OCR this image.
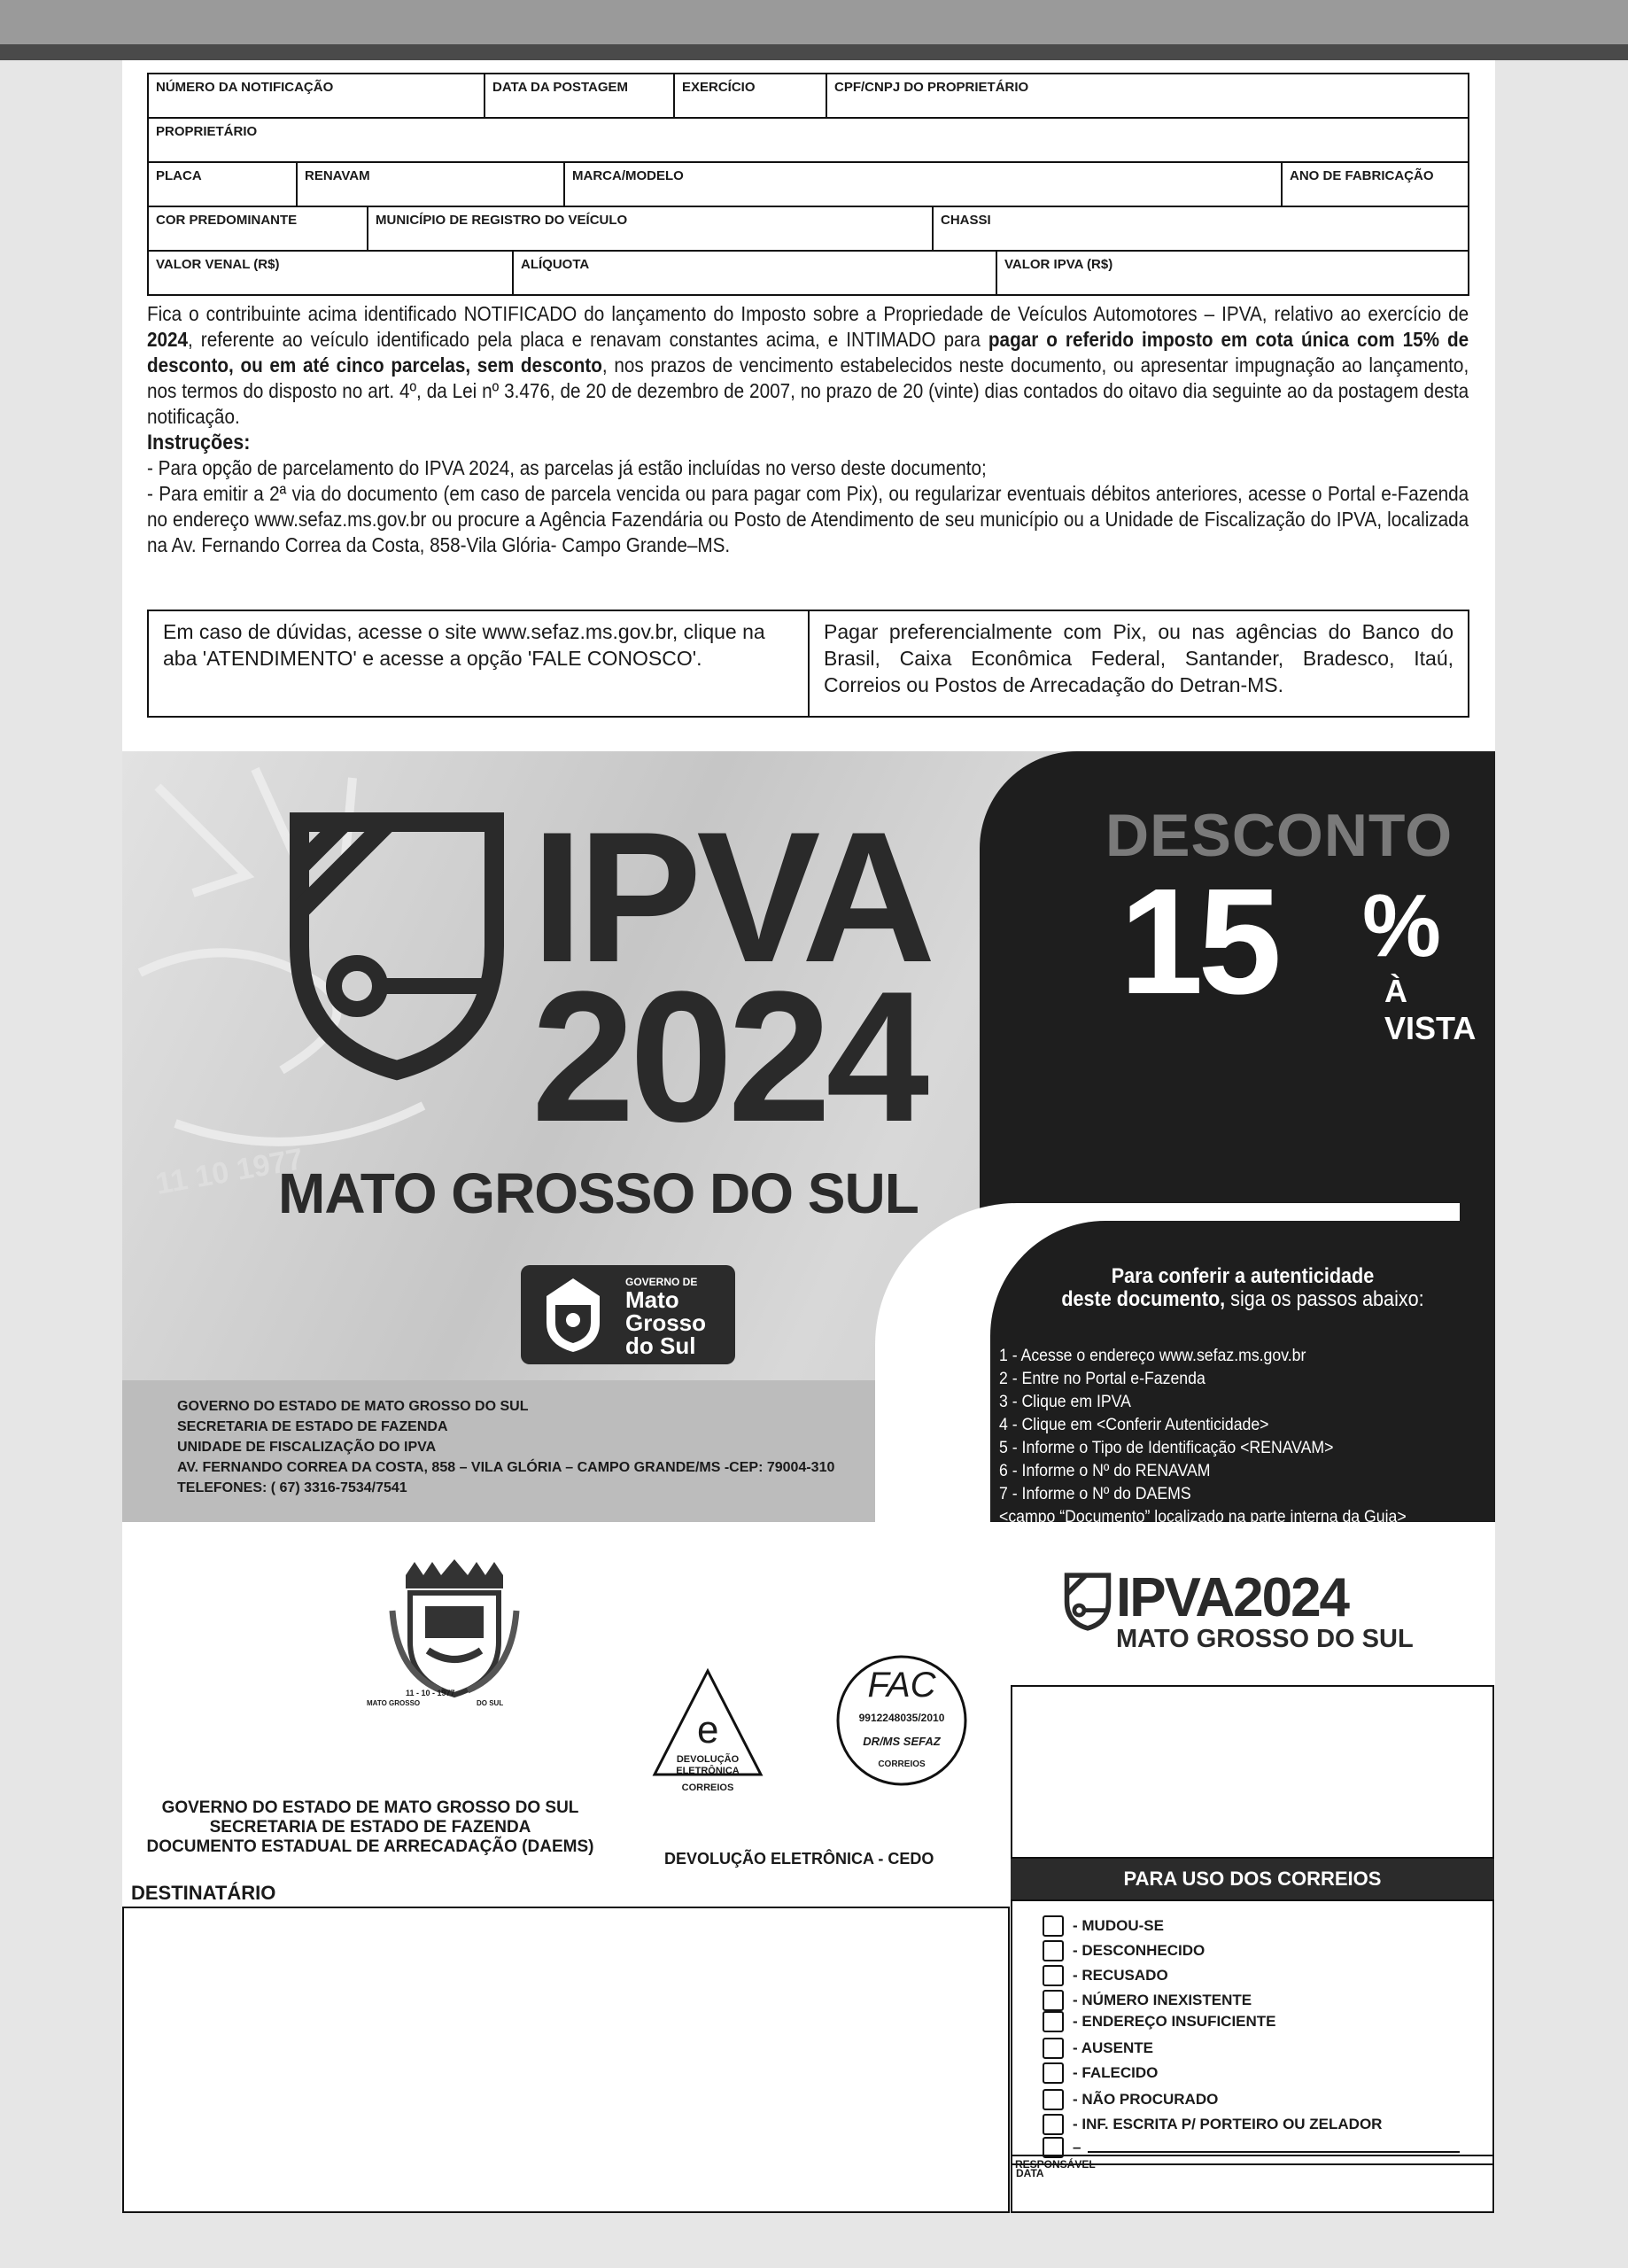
NÚMERO DA NOTIFICAÇÃO	DATA DA POSTAGEM	EXERCÍCIO	CPF/CNPJ DO PROPRIETÁRIO
PROPRIETÁRIO
PLACA	RENAVAM	MARCA/MODELO	ANO DE FABRICAÇÃO
COR PREDOMINANTE	MUNICÍPIO DE REGISTRO DO VEÍCULO	CHASSI
VALOR VENAL (R$)	ALÍQUOTA	VALOR IPVA (R$)

Fica o contribuinte acima identificado NOTIFICADO do lançamento do Imposto sobre a Propriedade de Veículos Automotores – IPVA, relativo ao exercício de 2024, referente ao veículo identificado pela placa e renavam constantes acima, e INTIMADO para pagar o referido imposto em cota única com 15% de desconto, ou em até cinco parcelas, sem desconto, nos prazos de vencimento estabelecidos neste documento, ou apresentar impugnação ao lançamento, nos termos do disposto no art. 4º, da Lei nº 3.476, de 20 de dezembro de 2007, no prazo de 20 (vinte) dias contados do oitavo dia seguinte ao da postagem desta notificação.

Instruções:

- Para opção de parcelamento do IPVA 2024, as parcelas já estão incluídas no verso deste documento;

- Para emitir a 2ª via do documento (em caso de parcela vencida ou para pagar com Pix), ou regularizar eventuais débitos anteriores, acesse o Portal e-Fazenda no endereço www.sefaz.ms.gov.br ou procure a Agência Fazendária ou Posto de Atendimento de seu município ou a Unidade de Fiscalização do IPVA, localizada na Av. Fernando Correa da Costa, 858-Vila Glória- Campo Grande–MS.

Em caso de dúvidas, acesse o site www.sefaz.ms.gov.br, clique na aba 'ATENDIMENTO' e acesse a opção 'FALE CONOSCO'.
Pagar preferencialmente com Pix, ou nas agências do Banco do Brasil, Caixa Econômica Federal, Santander, Bradesco, Itaú, Correios ou Postos de Arrecadação do Detran-MS.
11 10 1977
IPVA
2024
MATO GROSSO DO SUL
GOVERNO DE
Mato
Grosso
do Sul
GOVERNO DO ESTADO DE MATO GROSSO DO SUL
SECRETARIA DE ESTADO DE FAZENDA
UNIDADE DE FISCALIZAÇÃO DO IPVA
AV. FERNANDO CORREA DA COSTA, 858 – VILA GLÓRIA – CAMPO GRANDE/MS -CEP: 79004-310
TELEFONES: ( 67) 3316-7534/7541
DESCONTO
15 %
À VISTA
Para conferir a autenticidade
deste documento, siga os passos abaixo:
1 - Acesse o endereço www.sefaz.ms.gov.br
2 - Entre no Portal e-Fazenda
3 - Clique em IPVA
4 - Clique em <Conferir Autenticidade>
5 - Informe o Tipo de Identificação <RENAVAM>
6 - Informe o Nº do RENAVAM
7 - Informe o Nº do DAEMS
<campo “Documento” localizado na parte interna da Guia>
8 - Clique em < Avançar >
11 - 10 - 1977
MATO GROSSO	DO SUL
GOVERNO DO ESTADO DE MATO GROSSO DO SUL
SECRETARIA DE ESTADO DE FAZENDA
DOCUMENTO ESTADUAL DE ARRECADAÇÃO (DAEMS)
DESTINATÁRIO
e
DEVOLUÇÃO
ELETRÔNICA
CORREIOS
FAC
9912248035/2010
DR/MS SEFAZ
CORREIOS
DEVOLUÇÃO ELETRÔNICA - CEDO
IPVA2024
MATO GROSSO DO SUL
PARA USO DOS CORREIOS
- MUDOU-SE
- DESCONHECIDO
- RECUSADO
- NÚMERO INEXISTENTE
- ENDEREÇO INSUFICIENTE
- AUSENTE
- FALECIDO
- NÃO PROCURADO
- INF. ESCRITA P/ PORTEIRO OU ZELADOR
–
DATA
RESPONSÁVEL
